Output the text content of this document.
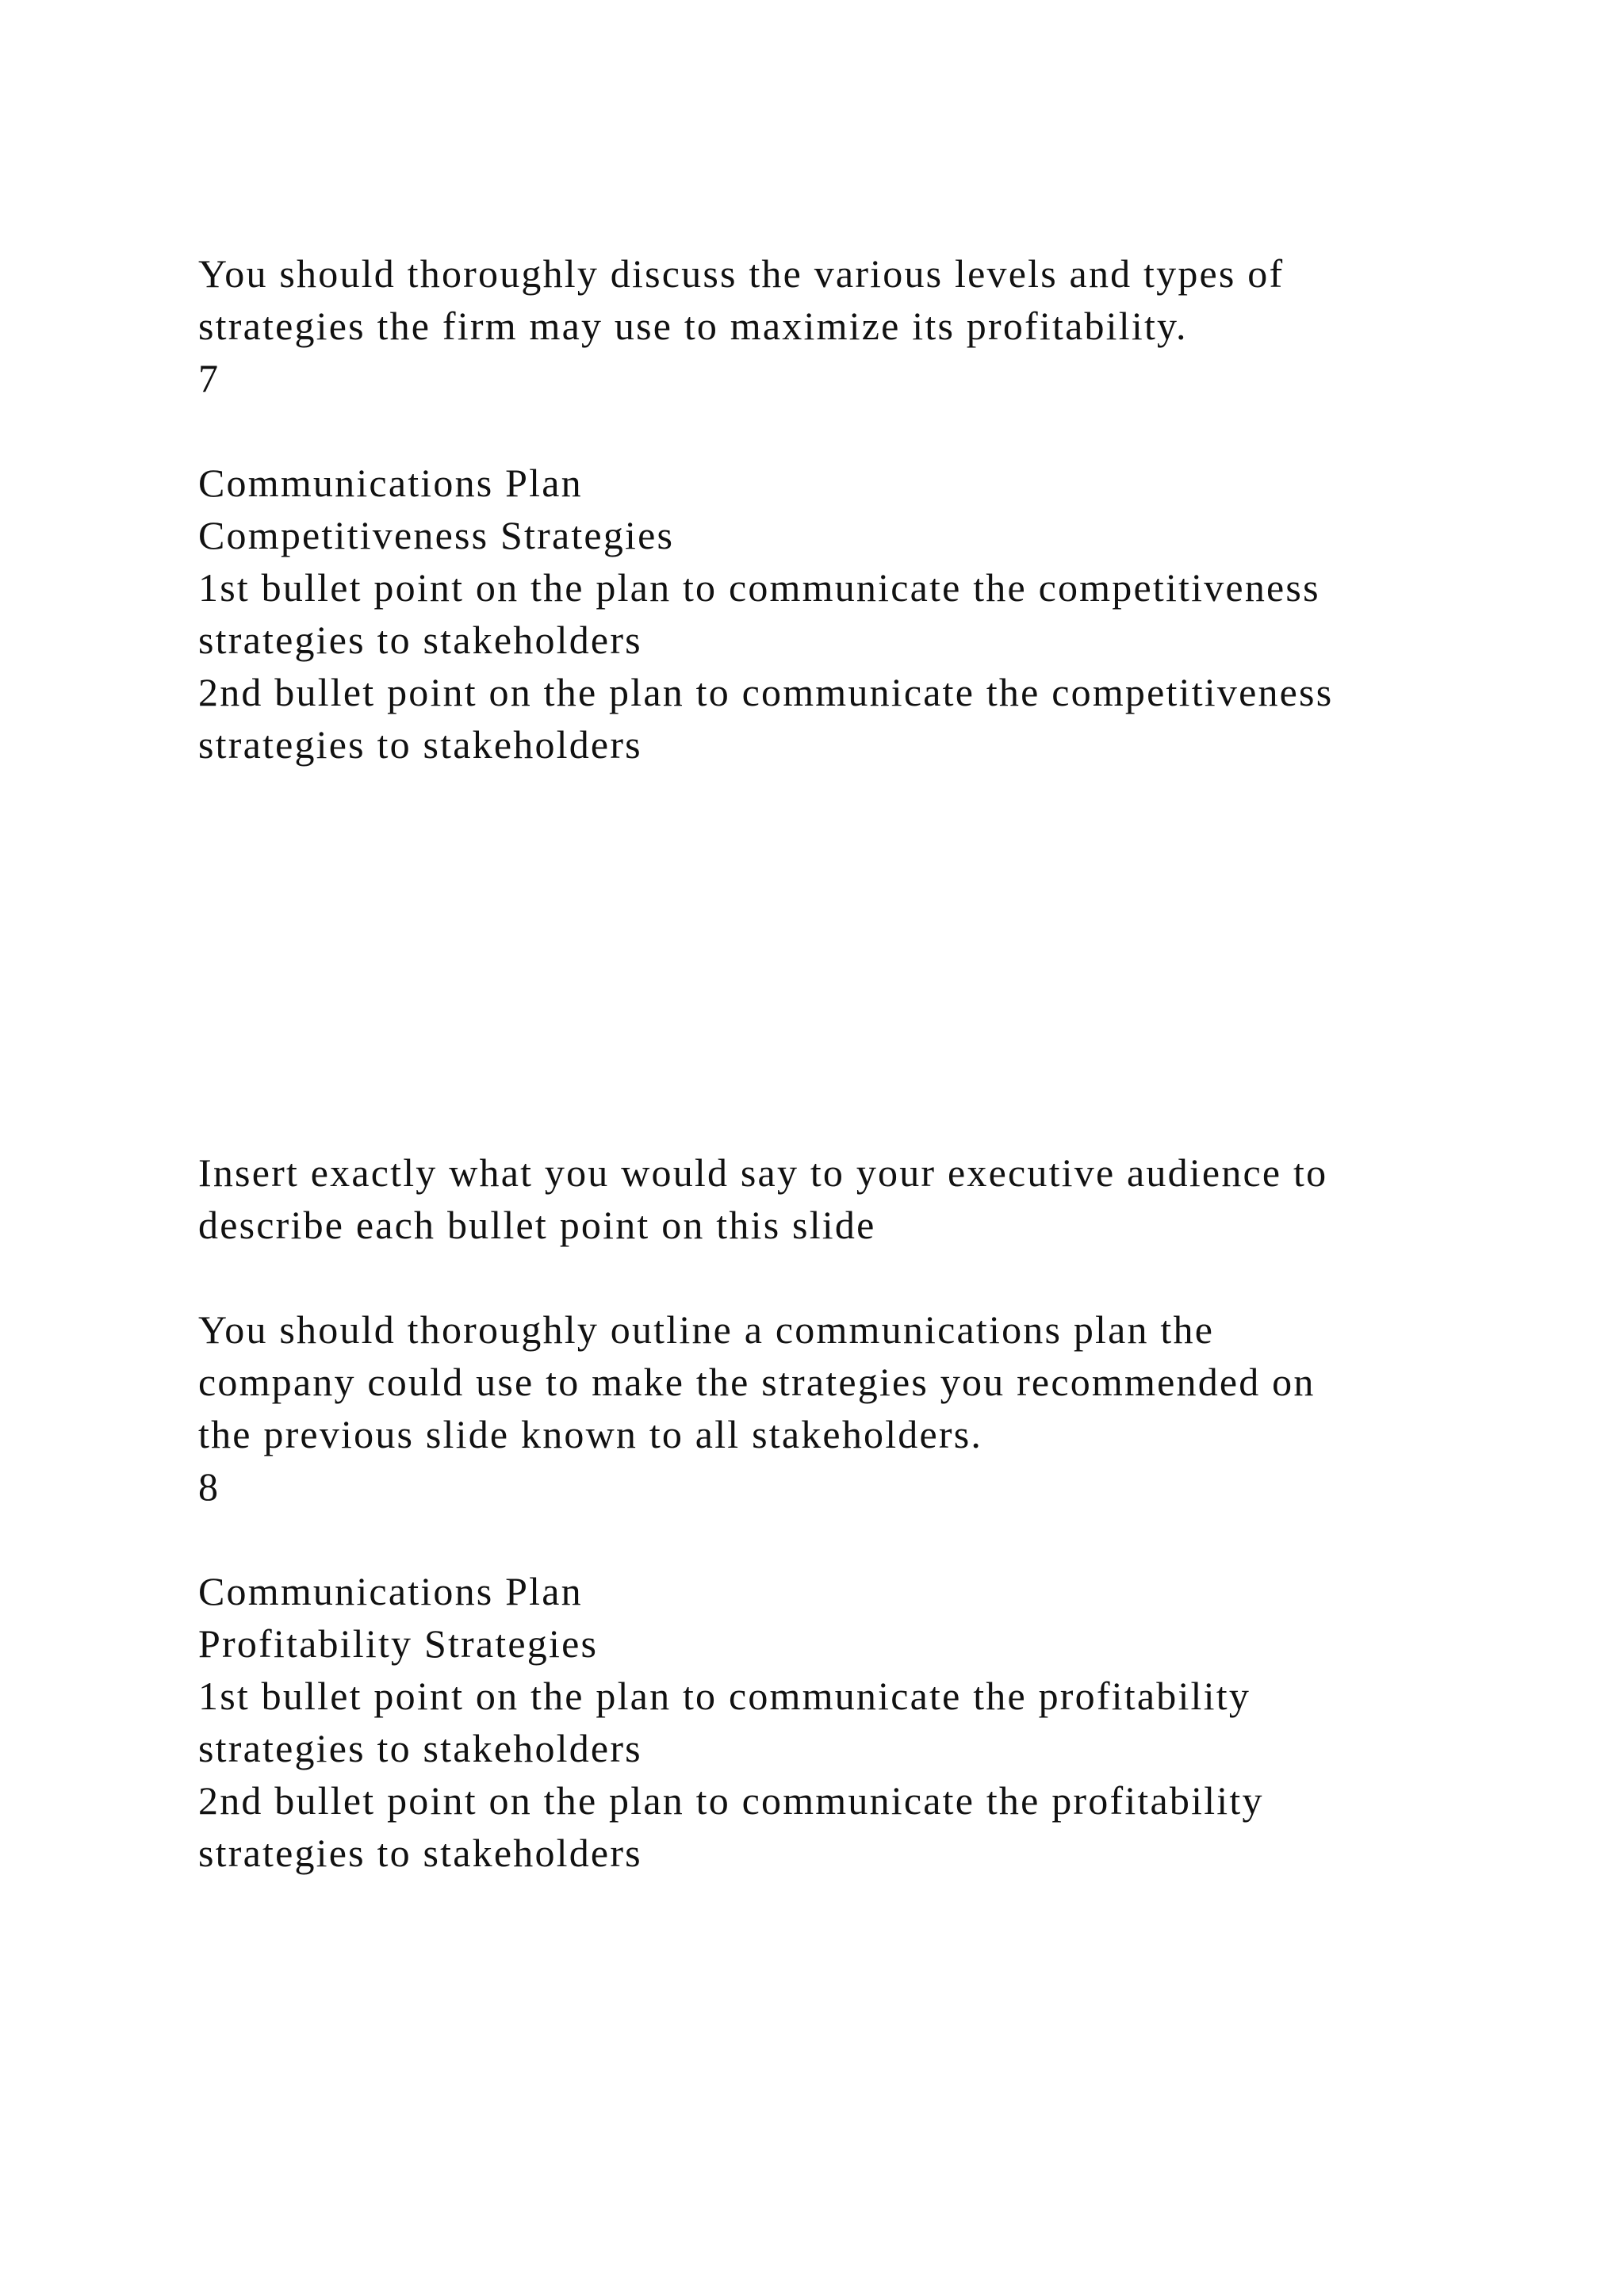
You should thoroughly discuss the various levels and types of
strategies the firm may use to maximize its profitability.
7
Communications Plan
Competitiveness Strategies
1st bullet point on the plan to communicate the competitiveness
strategies to stakeholders
2nd bullet point on the plan to communicate the competitiveness
strategies to stakeholders
Insert exactly what you would say to your executive audience to
describe each bullet point on this slide
You should thoroughly outline a communications plan the
company could use to make the strategies you recommended on
the previous slide known to all stakeholders.
8
Communications Plan
Profitability Strategies
1st bullet point on the plan to communicate the profitability
strategies to stakeholders
2nd bullet point on the plan to communicate the profitability
strategies to stakeholders
